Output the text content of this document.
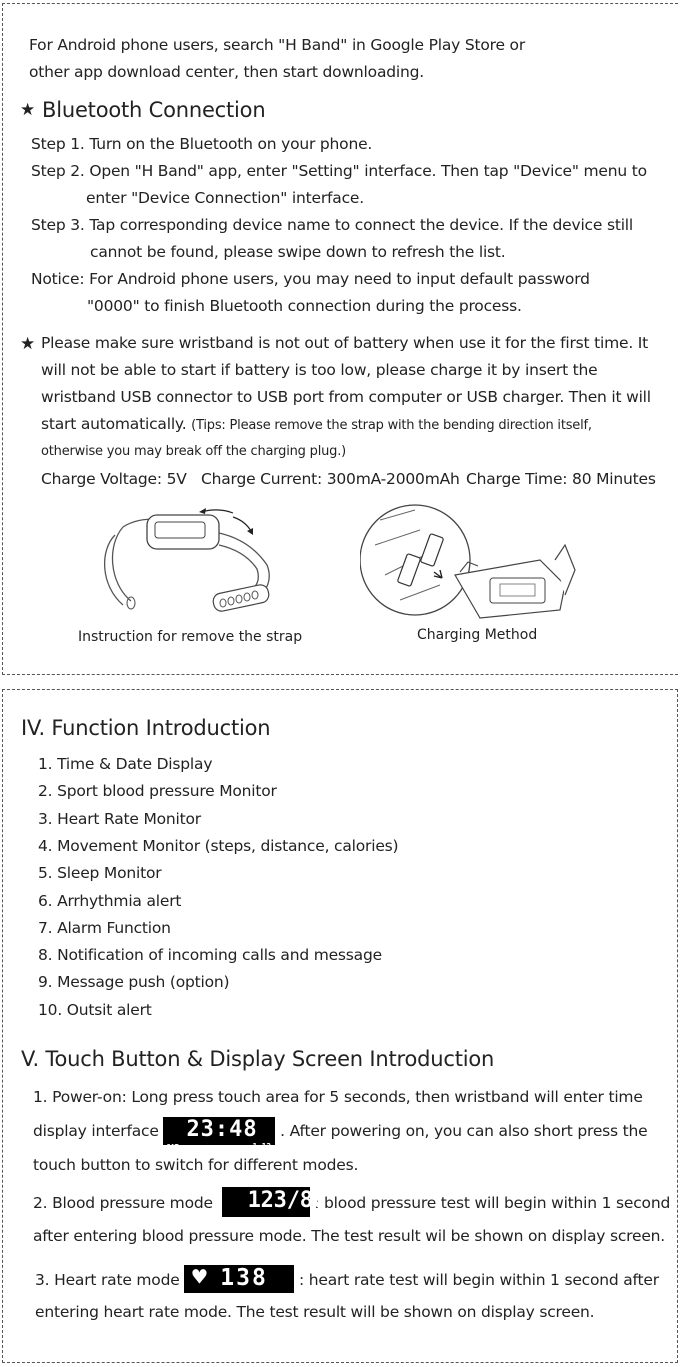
For Android phone users, search "H Band" in Google Play Store or
other app download center, then start downloading.
★ Bluetooth Connection
Step 1. Turn on the Bluetooth on your phone.
Step 2. Open "H Band" app, enter "Setting" interface. Then tap "Device" menu to
enter "Device Connection" interface.
Step 3. Tap corresponding device name to connect the device. If the device still
cannot be found, please swipe down to refresh the list.
Notice: For Android phone users, you may need to input default password
"0000" to finish Bluetooth connection during the process.
★ Please make sure wristband is not out of battery when use it for the first time. It
will not be able to start if battery is too low, please charge it by insert the
wristband USB connector to USB port from computer or USB charger. Then it will
start automatically. (Tips: Please remove the strap with the bending direction itself,
otherwise you may break off the charging plug.)
Charge Voltage: 5V Charge Current: 300mA-2000mAh Charge Time: 80 Minutes
Instruction for remove the strap	Charging Method
IV. Function Introduction
1. Time & Date Display
2. Sport blood pressure Monitor
3. Heart Rate Monitor
4. Movement Monitor (steps, distance, calories)
5. Sleep Monitor
6. Arrhythmia alert
7. Alarm Function
8. Notification of incoming calls and message
9. Message push (option)
10. Outsit alert
V. Touch Button & Display Screen Introduction
1. Power-on: Long press touch area for 5 seconds, then wristband will enter time
display interface
SAT
23:48
1-13
. After powering on, you can also short press the
touch button to switch for different modes.
2. Blood pressure mode
mmHg
123/88
: blood pressure test will begin within 1 second
after entering blood pressure mode. The test result wil be shown on display screen.
3. Heart rate mode ♥ 138
bpm
: heart rate test will begin within 1 second after
entering heart rate mode. The test result will be shown on display screen.
